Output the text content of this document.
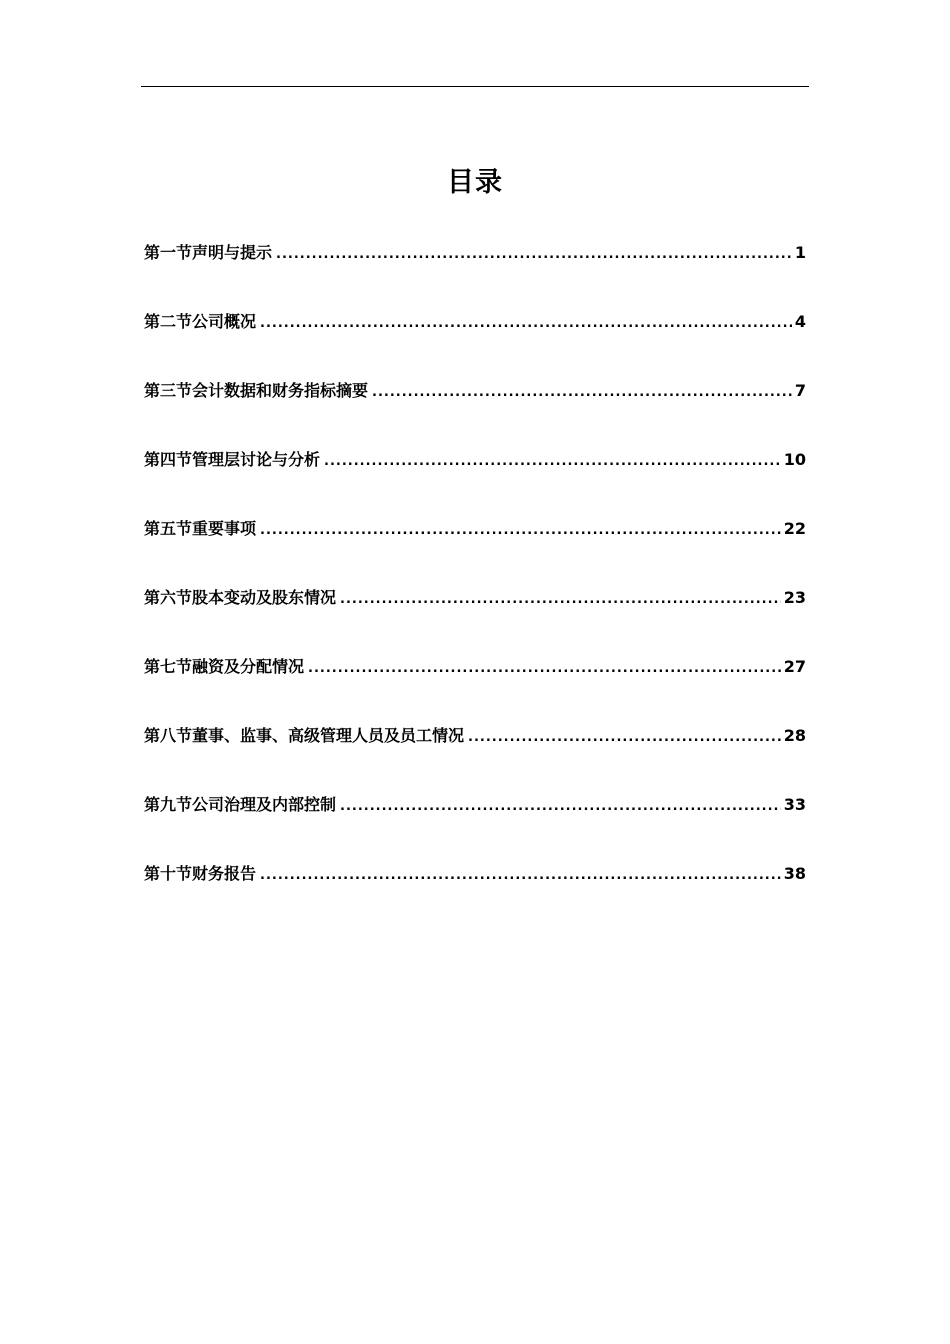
目录
第一节声明与提示 .....	1
第二节公司概况 .....	4
第三节会计数据和财务指标摘要 .....	7
第四节管理层讨论与分析 .....	10
第五节重要事项 .....	22
第六节股本变动及股东情况 .....	23
第七节融资及分配情况 .....	27
第八节董事、监事、高级管理人员及员工情况 .....	28
第九节公司治理及内部控制 .....	33
第十节财务报告 .....	38
